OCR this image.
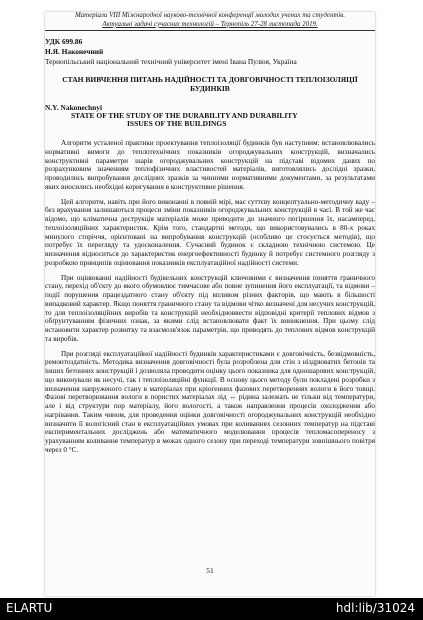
Матеріали VІІІ Міжнародної науково-технічної конференції молодих учених та студентів.
Актуальні задачі сучасних технологій – Тернопіль 27-28 листопада 2019.
УДК 699.86
Н.Я. Наконечний
Тернопільський національний технічний університет імені Івана Пулюя, Україна
СТАН ВИВЧЕННЯ ПИТАНЬ НАДІЙНОСТІ ТА ДОВГОВІЧНОСТІ ТЕПЛОІЗОЛЯЦІЇ БУДИНКІВ
N.Y. Nakonechnyi
STATE OF THE STUDY OF THE DURABILITY AND DURABILITY
ISSUES OF THE BUILDINGS

Алгоритм усталеної практики проектування теплоізоляції будинків був наступним: встановлювались нормативні вимоги до теплотехнічних показників огороджувальних конструкцій, визначались конструктивні параметри шарів огороджувальних конструкцій на підставі відомих даних по розрахунковим значенням теплофізичних властивостей матеріалів, виготовлялись дослідні зразки, проводились випробування дослідних зразків за чинними нормативними документами, за результатами яких вносились необхідні коригування в конструктивне рішення.

Цей алгоритм, навіть при його виконанні в повній мірі, має суттєву концептуально-методичну ваду – без врахування залишаються процеси зміни показників огороджувальних конструкцій в часі. В той же час відомо, що кліматична деструкція матеріалів може приводити до значного погіршення їх, насамперед, теплоізоляційних характеристик. Крім того, стандартні методи, що використовувались в 80-х роках минулого сторіччя, орієнтовані на випробування конструкцій (особливо це стосується методів), що потребує їх перегляду та удосконалення. Сучасний будинок є складною технічною системою. Це визначення відноситься до характеристик енергоефективності будинку й потребує системного розгляду з розробкою принципів оцінювання показників експлуатаційної надійності системи.

При оцінюванні надійності будівельних конструкцій ключовими є визначення поняття граничного стану, перехід об'єкту до якого обумовлює тимчасове або повне зупинення його експлуатації, та відмови – події порушення працездатного стану об'єкту під впливом різних факторів, що мають в більшості випадковий характер. Якщо поняття граничного стану та відмови чітко визначені для несучих конструкцій, то для теплоізоляційних виробів та конструкцій необхідноввести відповідні критерії теплових відмов з обґрунтуванням фізичних ознак, за якими слід встановлювати факт їх виникнення. При цьому слід встановити характер розвитку та взаємозв'язок параметрів, що приводять до теплових відмов конструкцій та виробів.

При розгляді експлуатаційної надійності будинків характеристиками є довговічність, безвідмовність, ремонтоздатність. Методика визначення довговічності була розроблена для стін з ніздрюватих бетонів та інших бетонних конструкцій і дозволяла проводити оцінку цього показника для одношарових конструкцій, що виконували як несучі, так і теплоізоляційні функції. В основу цього методу були покладені розробки з визначення напруженого стану в матеріалах при кріогенних фазових перетвореннях вологи в його товщі. Фазові перетворювання вологи в пористих матеріалах лід ↔ рідина залежать не тільки від температури, але і від структури пор матеріалу, його вологості, а також направлення процесів охолодження або нагрівання. Таким чином, для проведення оцінки довговічності огороджувальних конструкцій необхідно визначити її вологісний стан в експлуатаційних умовах при коливаннях сезонних температур на підставі експериментальних досліджень або математичного моделювання процесів тепломасопереносу з урахуванням коливання температур в межах одного сезону при переході температури зовнішнього повітря через 0 °C.

51
ELARTU	hdl:lib/31024
